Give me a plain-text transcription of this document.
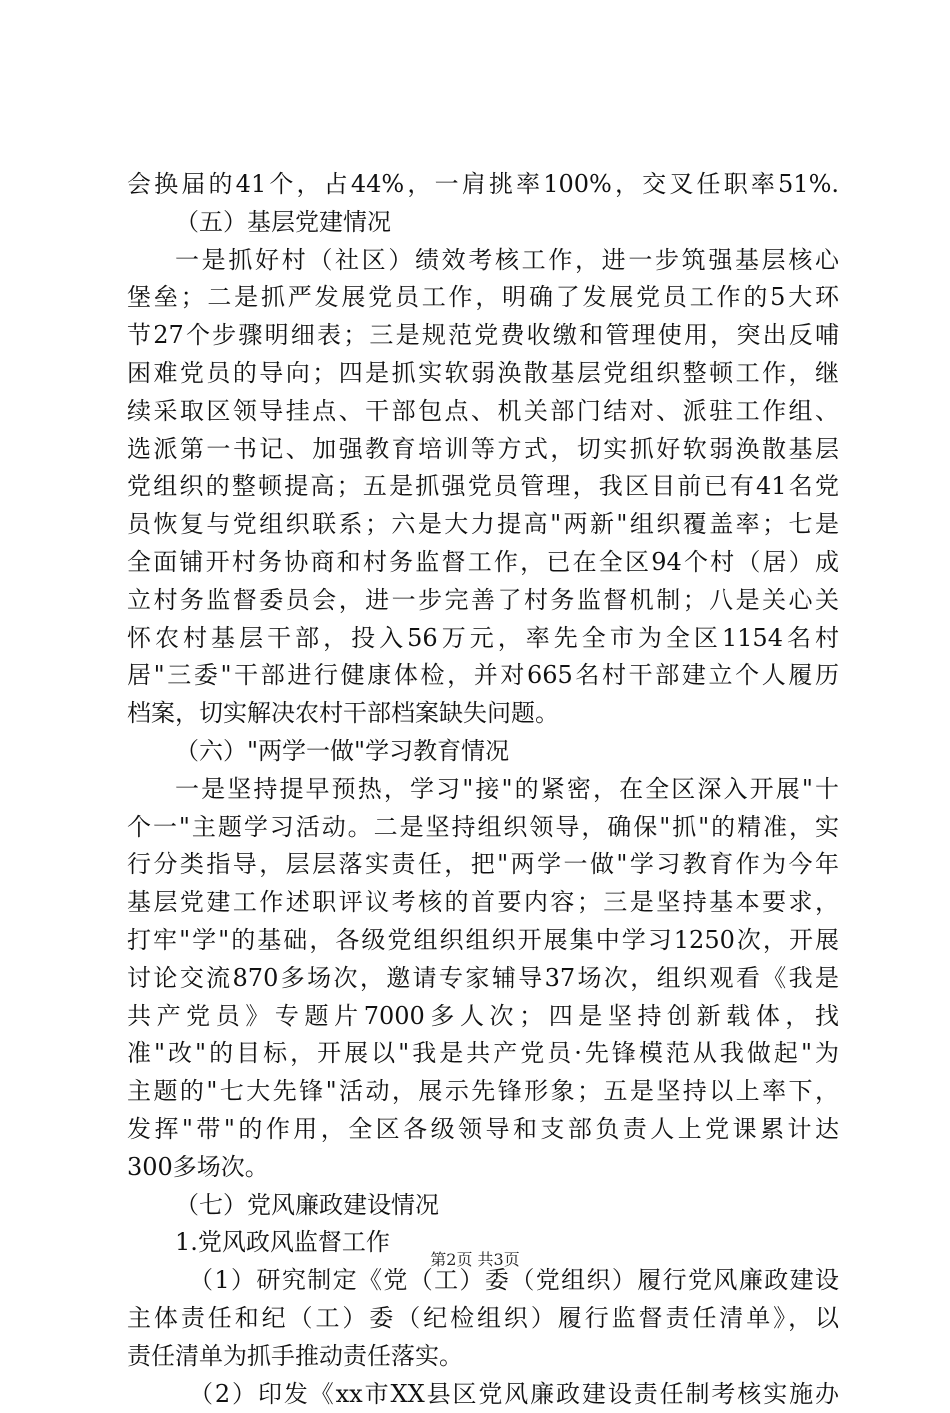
会换届的41个，占44%，一肩挑率100%，交叉任职率51%.
（五）基层党建情况
一是抓好村（社区）绩效考核工作，进一步筑强基层核心
堡垒；二是抓严发展党员工作，明确了发展党员工作的5大环
节27个步骤明细表；三是规范党费收缴和管理使用，突出反哺
困难党员的导向；四是抓实软弱涣散基层党组织整顿工作，继
续采取区领导挂点、干部包点、机关部门结对、派驻工作组、
选派第一书记、加强教育培训等方式，切实抓好软弱涣散基层
党组织的整顿提高；五是抓强党员管理，我区目前已有41名党
员恢复与党组织联系；六是大力提高"两新"组织覆盖率；七是
全面铺开村务协商和村务监督工作，已在全区94个村（居）成
立村务监督委员会，进一步完善了村务监督机制；八是关心关
怀农村基层干部，投入56万元，率先全市为全区1154名村
居"三委"干部进行健康体检，并对665名村干部建立个人履历
档案，切实解决农村干部档案缺失问题。
（六）"两学一做"学习教育情况
一是坚持提早预热，学习"接"的紧密，在全区深入开展"十
个一"主题学习活动。二是坚持组织领导，确保"抓"的精准，实
行分类指导，层层落实责任，把"两学一做"学习教育作为今年
基层党建工作述职评议考核的首要内容；三是坚持基本要求，
打牢"学"的基础，各级党组织组织开展集中学习1250次，开展
讨论交流870多场次，邀请专家辅导37场次，组织观看《我是
共产党员》专题片7000多人次；四是坚持创新载体，找
准"改"的目标，开展以"我是共产党员·先锋模范从我做起"为
主题的"七大先锋"活动，展示先锋形象；五是坚持以上率下，
发挥"带"的作用，全区各级领导和支部负责人上党课累计达
300多场次。
（七）党风廉政建设情况
1.党风政风监督工作
（1）研究制定《党（工）委（党组织）履行党风廉政建设
主体责任和纪（工）委（纪检组织）履行监督责任清单》，以
责任清单为抓手推动责任落实。
（2）印发《xx市XX县区党风廉政建设责任制考核实施办
第2页 共3页
